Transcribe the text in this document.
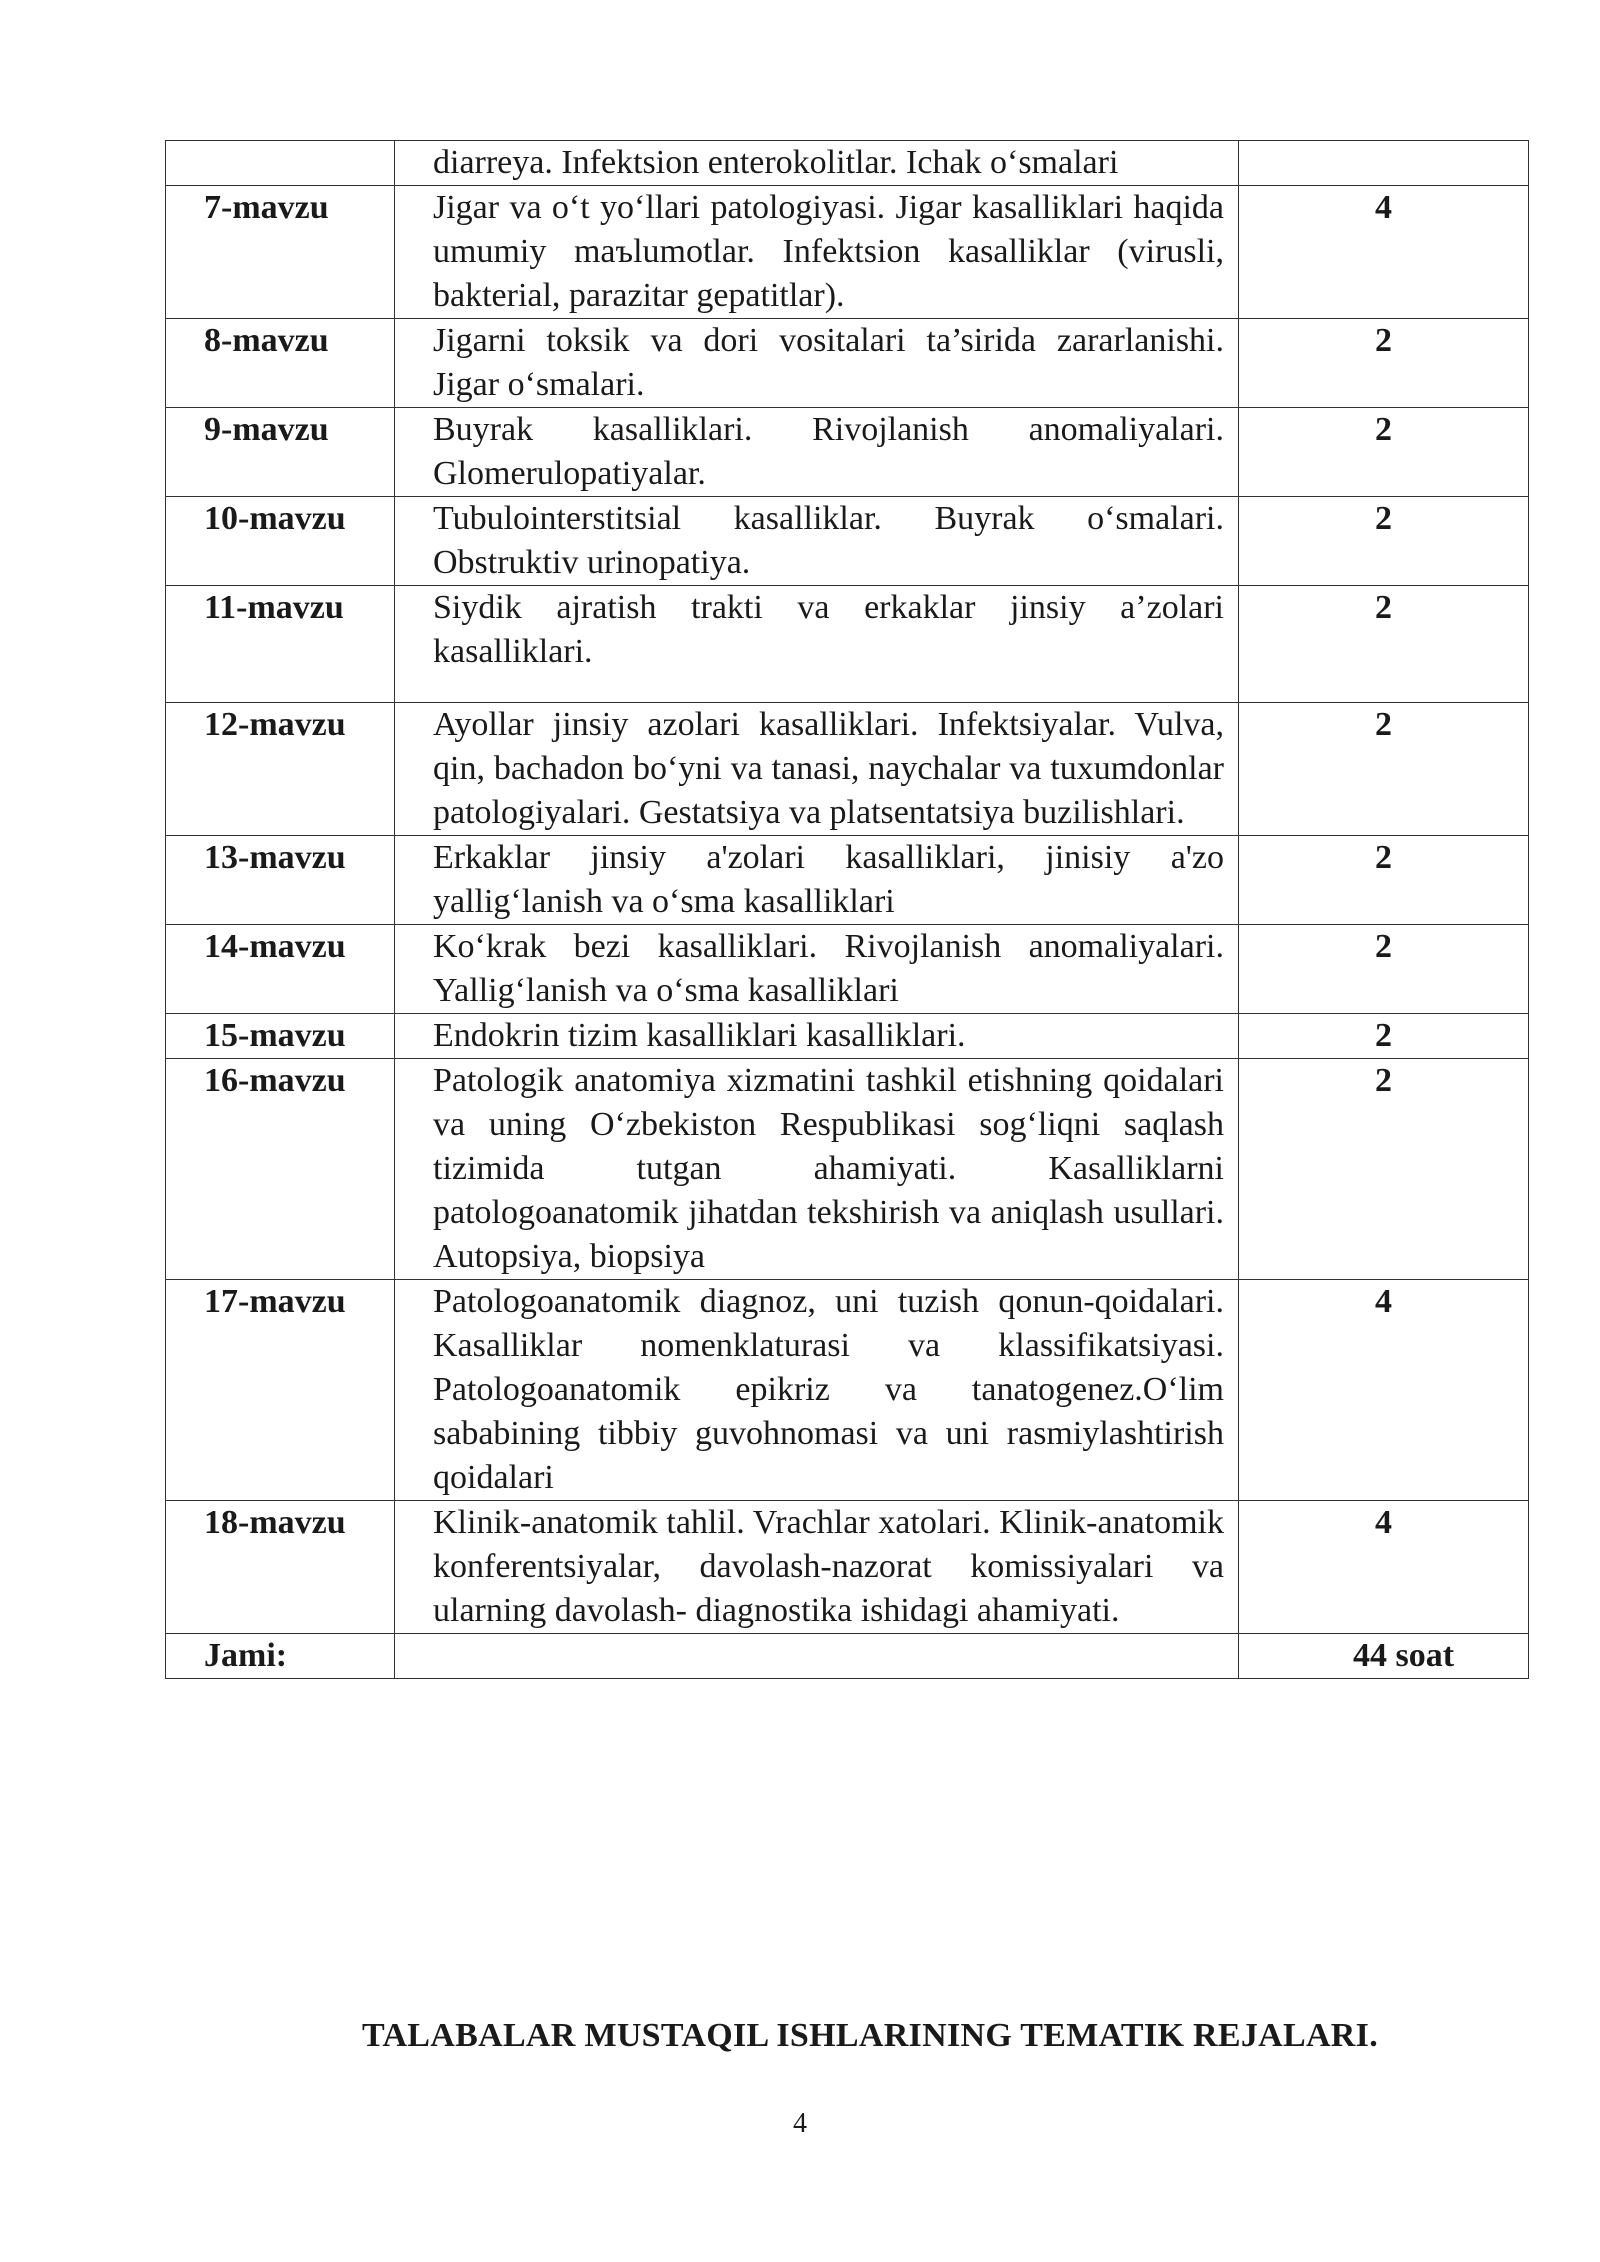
	diarreya. Infektsion enterokolitlar. Ichak o‘smalari	
7-mavzu	Jigar va o‘t yo‘llari patologiyasi. Jigar kasalliklari haqida umumiy maъlumotlar. Infektsion kasalliklar (virusli, bakterial, parazitar gepatitlar).	4
8-mavzu	Jigarni toksik va dori vositalari ta’sirida zararlanishi. Jigar o‘smalari.	2
9-mavzu	Buyrak kasalliklari. Rivojlanish anomaliyalari. Glomerulopatiyalar.	2
10-mavzu	Tubulointerstitsial kasalliklar. Buyrak o‘smalari. Obstruktiv urinopatiya.	2
11-mavzu	Siydik ajratish trakti va erkaklar jinsiy a’zolari kasalliklari.	2
12-mavzu	Ayollar jinsiy azolari kasalliklari. Infektsiyalar. Vulva, qin, bachadon bo‘yni va tanasi, naychalar va tuxumdonlar patologiyalari. Gestatsiya va platsentatsiya buzilishlari.	2
13-mavzu	Erkaklar jinsiy a'zolari kasalliklari, jinisiy a'zo yallig‘lanish va o‘sma kasalliklari	2
14-mavzu	Ko‘krak bezi kasalliklari. Rivojlanish anomaliyalari. Yallig‘lanish va o‘sma kasalliklari	2
15-mavzu	Endokrin tizim kasalliklari kasalliklari.	2
16-mavzu	Patologik anatomiya xizmatini tashkil etishning qoidalari va uning O‘zbekiston Respublikasi sog‘liqni saqlash tizimida tutgan ahamiyati. Kasalliklarni patologoanatomik jihatdan tekshirish va aniqlash usullari. Autopsiya, biopsiya	2
17-mavzu	Patologoanatomik diagnoz, uni tuzish qonun-qoidalari. Kasalliklar nomenklaturasi va klassifikatsiyasi. Patologoanatomik epikriz va tanatogenez.O‘lim sababining tibbiy guvohnomasi va uni rasmiylashtirish qoidalari	4
18-mavzu	Klinik-anatomik tahlil. Vrachlar xatolari. Klinik-anatomik konferentsiyalar, davolash-nazorat komissiyalari va ularning davolash- diagnostika ishidagi ahamiyati.	4
Jami:		44 soat
TALABALAR MUSTAQIL ISHLARINING TEMATIK REJALARI.
4
